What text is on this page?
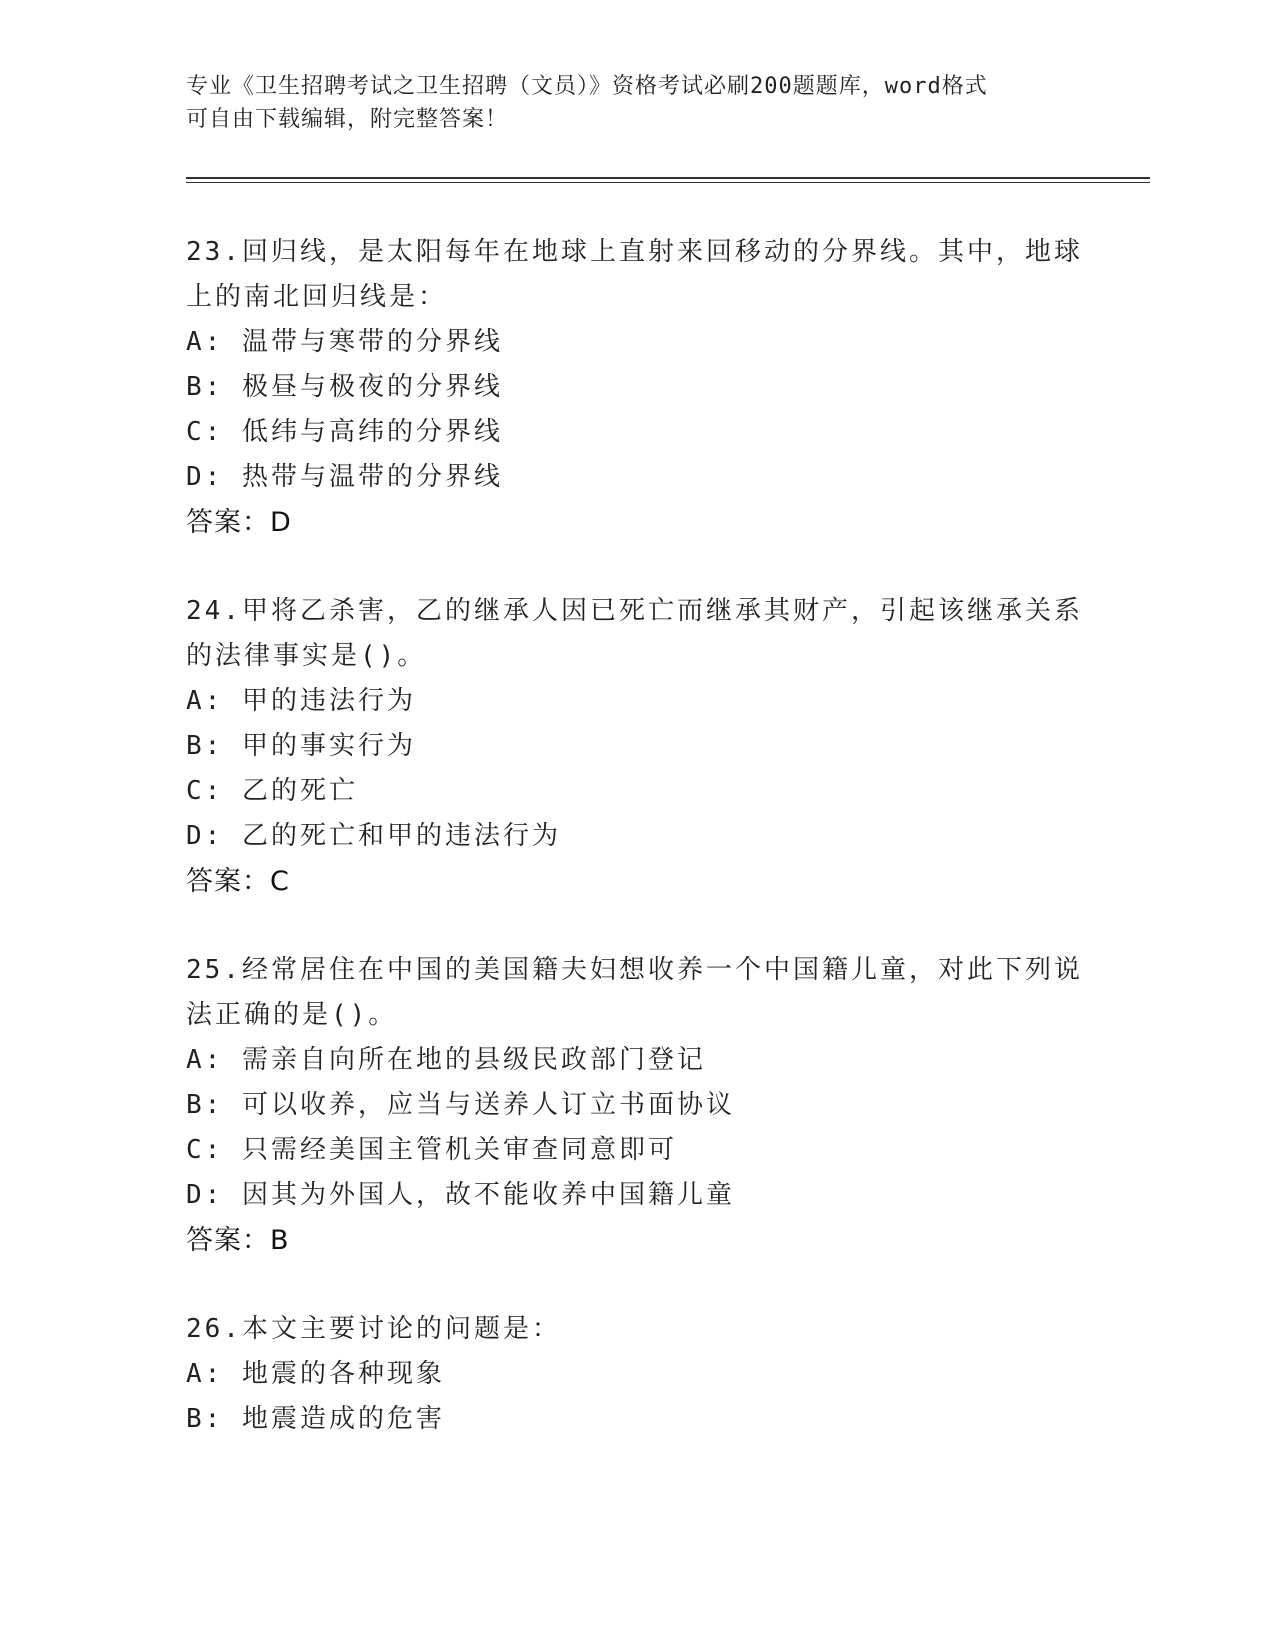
专业《卫生招聘考试之卫生招聘（文员）》资格考试必刷200题题库，word格式
可自由下载编辑，附完整答案！
23.回归线，是太阳每年在地球上直射来回移动的分界线。其中，地球
上的南北回归线是：
A: 温带与寒带的分界线
B: 极昼与极夜的分界线
C: 低纬与高纬的分界线
D: 热带与温带的分界线
答案：D
24.甲将乙杀害，乙的继承人因已死亡而继承其财产，引起该继承关系
的法律事实是()。
A: 甲的违法行为
B: 甲的事实行为
C: 乙的死亡
D: 乙的死亡和甲的违法行为
答案：C
25.经常居住在中国的美国籍夫妇想收养一个中国籍儿童，对此下列说
法正确的是()。
A: 需亲自向所在地的县级民政部门登记
B: 可以收养，应当与送养人订立书面协议
C: 只需经美国主管机关审查同意即可
D: 因其为外国人，故不能收养中国籍儿童
答案：B
26.本文主要讨论的问题是：
A: 地震的各种现象
B: 地震造成的危害
